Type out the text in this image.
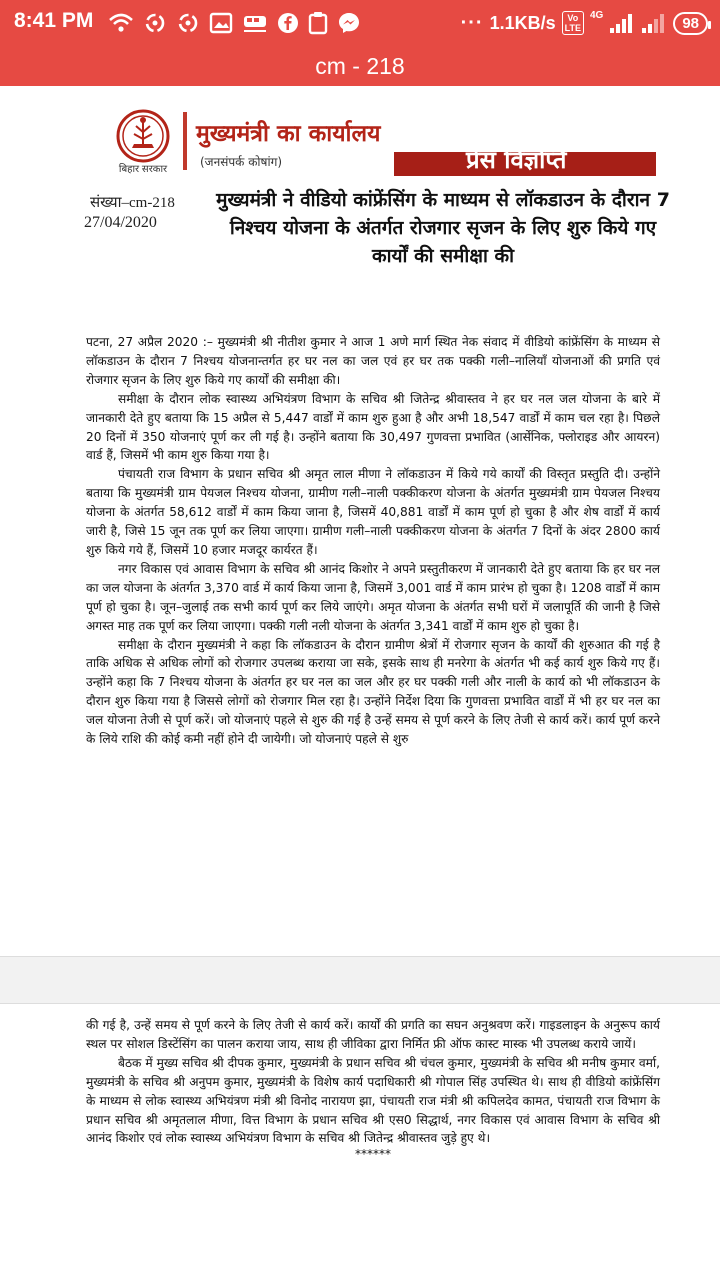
8:41 PM	··· 1.1KB/s	Vo
LTE
4G	98
cm - 218
बिहार सरकार
मुख्यमंत्री का कार्यालय
(जनसंपर्क कोषांग)	प्रेस विज्ञप्ति
संख्या–cm-218
27/04/2020
मुख्यमंत्री ने वीडियो कांफ्रेंसिंग के माध्यम से लॉकडाउन के दौरान 7 निश्चय योजना के अंतर्गत रोजगार सृजन के लिए शुरु किये गए कार्यों की समीक्षा की

पटना, 27 अप्रैल 2020 :– मुख्यमंत्री श्री नीतीश कुमार ने आज 1 अणे मार्ग स्थित नेक संवाद में वीडियो कांफ्रेंसिंग के माध्यम से लॉकडाउन के दौरान 7 निश्चय योजनान्तर्गत हर घर नल का जल एवं हर घर तक पक्की गली–नालियाँ योजनाओं की प्रगति एवं रोजगार सृजन के लिए शुरु किये गए कार्यों की समीक्षा की।

समीक्षा के दौरान लोक स्वास्थ्य अभियंत्रण विभाग के सचिव श्री जितेन्द्र श्रीवास्तव ने हर घर नल जल योजना के बारे में जानकारी देते हुए बताया कि 15 अप्रैल से 5,447 वार्डों में काम शुरु हुआ है और अभी 18,547 वार्डों में काम चल रहा है। पिछले 20 दिनों में 350 योजनाएं पूर्ण कर ली गई है। उन्होंने बताया कि 30,497 गुणवत्ता प्रभावित (आर्सेनिक, फ्लोराइड और आयरन) वार्ड हैं, जिसमें भी काम शुरु किया गया है।

पंचायती राज विभाग के प्रधान सचिव श्री अमृत लाल मीणा ने लॉकडाउन में किये गये कार्यों की विस्तृत प्रस्तुति दी। उन्होंने बताया कि मुख्यमंत्री ग्राम पेयजल निश्चय योजना, ग्रामीण गली–नाली पक्कीकरण योजना के अंतर्गत मुख्यमंत्री ग्राम पेयजल निश्चय योजना के अंतर्गत 58,612 वार्डों में काम किया जाना है, जिसमें 40,881 वार्डों में काम पूर्ण हो चुका है और शेष वार्डों में कार्य जारी है, जिसे 15 जून तक पूर्ण कर लिया जाएगा। ग्रामीण गली–नाली पक्कीकरण योजना के अंतर्गत 7 दिनों के अंदर 2800 कार्य शुरु किये गये हैं, जिसमें 10 हजार मजदूर कार्यरत हैं।

नगर विकास एवं आवास विभाग के सचिव श्री आनंद किशोर ने अपने प्रस्तुतीकरण में जानकारी देते हुए बताया कि हर घर नल का जल योजना के अंतर्गत 3,370 वार्ड में कार्य किया जाना है, जिसमें 3,001 वार्ड में काम प्रारंभ हो चुका है। 1208 वार्डों में काम पूर्ण हो चुका है। जून–जुलाई तक सभी कार्य पूर्ण कर लिये जाएंगे। अमृत योजना के अंतर्गत सभी घरों में जलापूर्ति की जानी है जिसे अगस्त माह तक पूर्ण कर लिया जाएगा। पक्की गली नली योजना के अंतर्गत 3,341 वार्डों में काम शुरु हो चुका है।

समीक्षा के दौरान मुख्यमंत्री ने कहा कि लॉकडाउन के दौरान ग्रामीण श्रेत्रों में रोजगार सृजन के कार्यों की शुरुआत की गई है ताकि अधिक से अधिक लोगों को रोजगार उपलब्ध कराया जा सके, इसके साथ ही मनरेगा के अंतर्गत भी कई कार्य शुरु किये गए हैं। उन्होंने कहा कि 7 निश्चय योजना के अंतर्गत हर घर नल का जल और हर घर पक्की गली और नाली के कार्य को भी लॉकडाउन के दौरान शुरु किया गया है जिससे लोगों को रोजगार मिल रहा है। उन्होंने निर्देश दिया कि गुणवत्ता प्रभावित वार्डों में भी हर घर नल का जल योजना तेजी से पूर्ण करें। जो योजनाएं पहले से शुरु की गई है उन्हें समय से पूर्ण करने के लिए तेजी से कार्य करें। कार्य पूर्ण करने के लिये राशि की कोई कमी नहीं होने दी जायेगी। जो योजनाएं पहले से शुरु

की गई है, उन्हें समय से पूर्ण करने के लिए तेजी से कार्य करें। कार्यों की प्रगति का सघन अनुश्रवण करें। गाइडलाइन के अनुरूप कार्य स्थल पर सोशल डिस्टेंसिंग का पालन कराया जाय, साथ ही जीविका द्वारा निर्मित फ्री ऑफ कास्ट मास्क भी उपलब्ध कराये जायें।

बैठक में मुख्य सचिव श्री दीपक कुमार, मुख्यमंत्री के प्रधान सचिव श्री चंचल कुमार, मुख्यमंत्री के सचिव श्री मनीष कुमार वर्मा, मुख्यमंत्री के सचिव श्री अनुपम कुमार, मुख्यमंत्री के विशेष कार्य पदाधिकारी श्री गोपाल सिंह उपस्थित थे। साथ ही वीडियो कांफ्रेंसिंग के माध्यम से लोक स्वास्थ्य अभियंत्रण मंत्री श्री विनोद नारायण झा, पंचायती राज मंत्री श्री कपिलदेव कामत, पंचायती राज विभाग के प्रधान सचिव श्री अमृतलाल मीणा, वित्त विभाग के प्रधान सचिव श्री एस0 सिद्धार्थ, नगर विकास एवं आवास विभाग के सचिव श्री आनंद किशोर एवं लोक स्वास्थ्य अभियंत्रण विभाग के सचिव श्री जितेन्द्र श्रीवास्तव जुड़े हुए थे।

******
